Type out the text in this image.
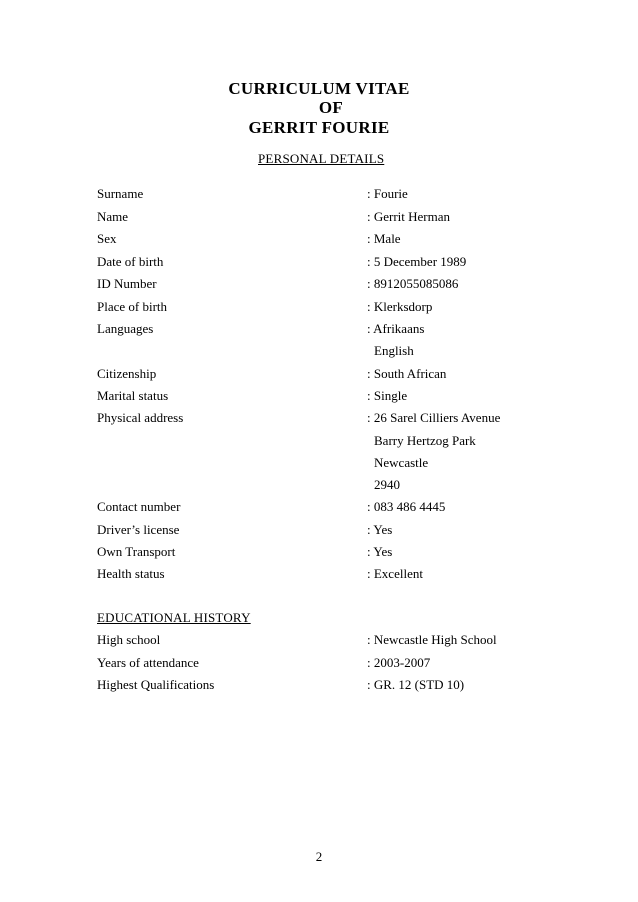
CURRICULUM VITAE
OF
GERRIT FOURIE
PERSONAL DETAILS
Surname	: Fourie
Name	: Gerrit Herman
Sex	: Male
Date of birth	: 5 December 1989
ID Number	: 8912055085086
Place of birth	: Klerksdorp
Languages	: Afrikaans
English
Citizenship	: South African
Marital status	: Single
Physical address	: 26 Sarel Cilliers Avenue
Barry Hertzog Park
Newcastle
2940
Contact number	: 083 486 4445
Driver’s license	: Yes
Own Transport	: Yes
Health status	: Excellent
EDUCATIONAL HISTORY
High school	: Newcastle High School
Years of attendance	: 2003-2007
Highest Qualifications	: GR. 12 (STD 10)
2
